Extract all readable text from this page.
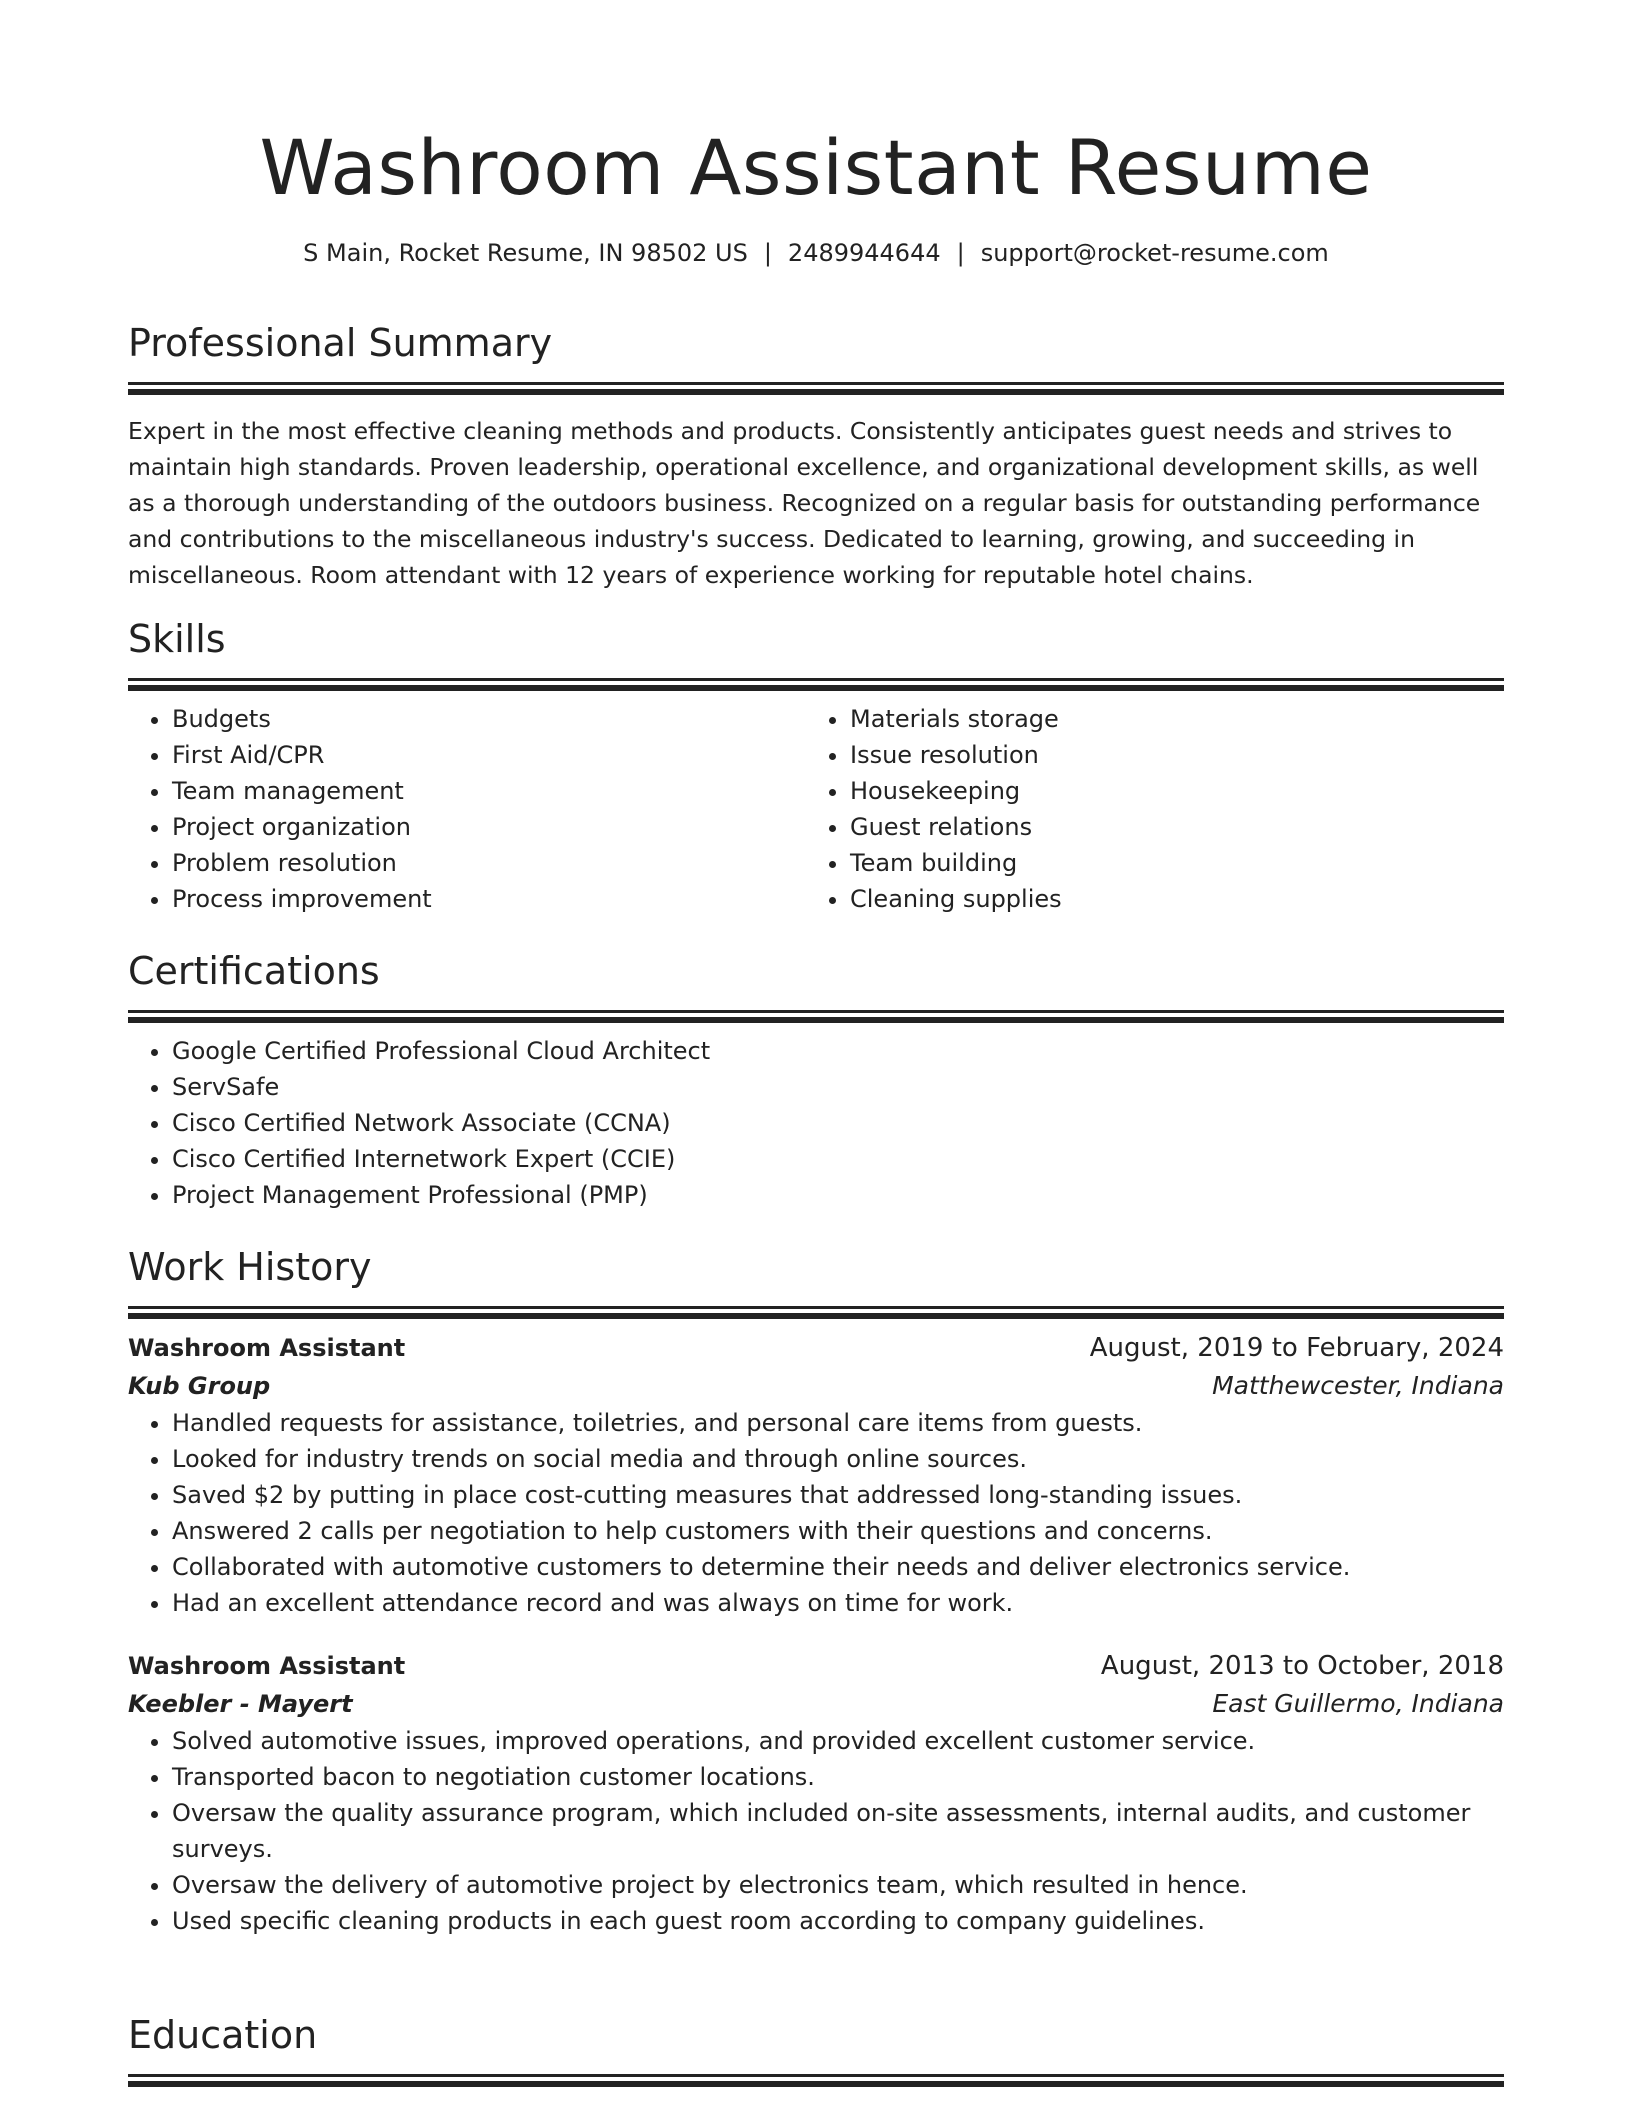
Washroom Assistant Resume
S Main, Rocket Resume, IN 98502 US | 2489944644 | support@rocket-resume.com
Professional Summary
Expert in the most effective cleaning methods and products. Consistently anticipates guest needs and strives to maintain high standards. Proven leadership, operational excellence, and organizational development skills, as well as a thorough understanding of the outdoors business. Recognized on a regular basis for outstanding performance and contributions to the miscellaneous industry's success. Dedicated to learning, growing, and succeeding in miscellaneous. Room attendant with 12 years of experience working for reputable hotel chains.
Skills
• Budgets
• First Aid/CPR
• Team management
• Project organization
• Problem resolution
• Process improvement
• Materials storage
• Issue resolution
• Housekeeping
• Guest relations
• Team building
• Cleaning supplies
Certifications
• Google Certified Professional Cloud Architect
• ServSafe
• Cisco Certified Network Associate (CCNA)
• Cisco Certified Internetwork Expert (CCIE)
• Project Management Professional (PMP)
Work History
Washroom Assistant	August, 2019 to February, 2024
Kub Group	Matthewcester, Indiana
• Handled requests for assistance, toiletries, and personal care items from guests.
• Looked for industry trends on social media and through online sources.
• Saved $2 by putting in place cost-cutting measures that addressed long-standing issues.
• Answered 2 calls per negotiation to help customers with their questions and concerns.
• Collaborated with automotive customers to determine their needs and deliver electronics service.
• Had an excellent attendance record and was always on time for work.
Washroom Assistant	August, 2013 to October, 2018
Keebler - Mayert	East Guillermo, Indiana
• Solved automotive issues, improved operations, and provided excellent customer service.
• Transported bacon to negotiation customer locations.
• Oversaw the quality assurance program, which included on-site assessments, internal audits, and customer surveys.
• Oversaw the delivery of automotive project by electronics team, which resulted in hence.
• Used specific cleaning products in each guest room according to company guidelines.
Education
